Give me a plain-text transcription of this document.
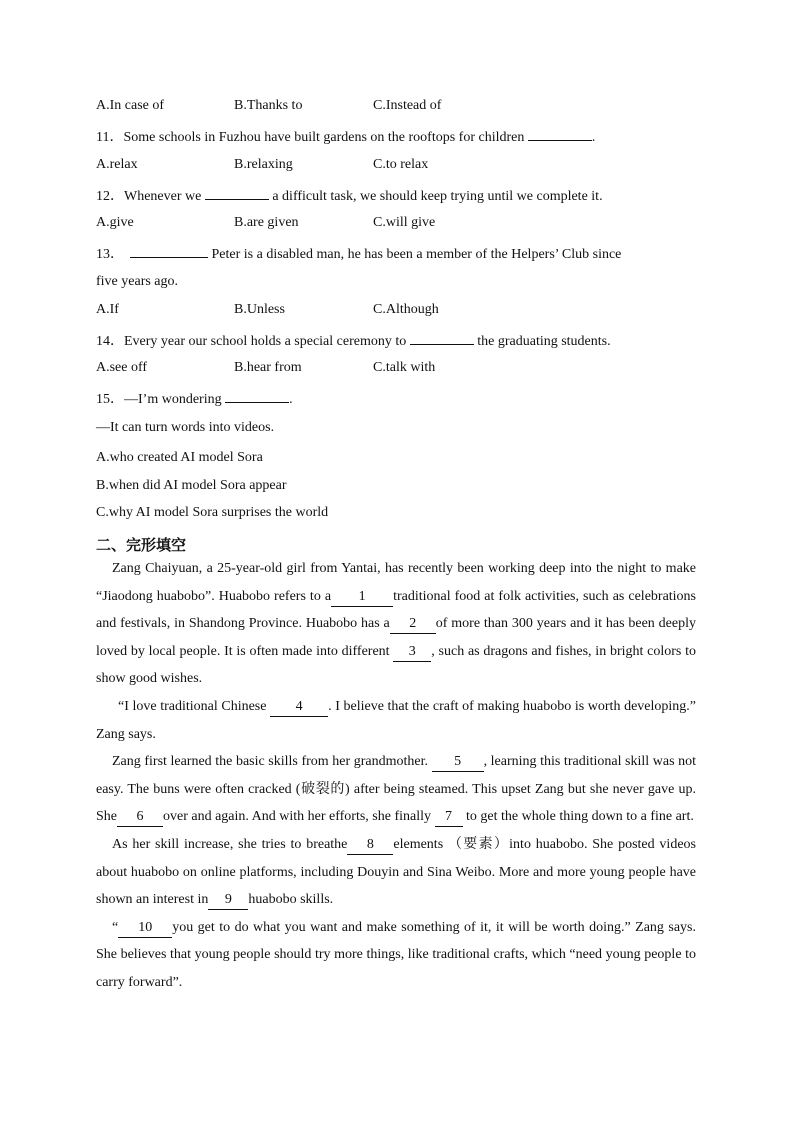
A.In case of	B.Thanks to	C.Instead of
11．Some schools in Fuzhou have built gardens on the rooftops for children	.
A.relax	B.relaxing	C.to relax
12．Whenever we	a difficult task, we should keep trying until we complete it.
A.give	B.are given	C.will give
13．	Peter is a disabled man, he has been a member of the Helpers’ Club since
five years ago.
A.If	B.Unless	C.Although
14．Every year our school holds a special ceremony to	the graduating students.
A.see off	B.hear from	C.talk with
15．—I’m wondering	.
—It can turn words into videos.
A.who created AI model Sora
B.when did AI model Sora appear
C.why AI model Sora surprises the world
二、完形填空

Zang Chaiyuan, a 25-year-old girl from Yantai, has recently been working deep into the night to make “Jiaodong huabobo”. Huabobo refers to a 1 traditional food at folk activities, such as celebrations and festivals, in Shandong Province. Huabobo has a 2 of more than 300 years and it has been deeply loved by local people. It is often made into different 3 , such as dragons and fishes, in bright colors to show good wishes.

“I love traditional Chinese 4 . I believe that the craft of making huabobo is worth developing.” Zang says.

Zang first learned the basic skills from her grandmother. 5 , learning this traditional skill was not easy. The buns were often cracked (破裂的) after being steamed. This upset Zang but she never gave up. She 6 over and again. And with her efforts, she finally 7 to get the whole thing down to a fine art.

As her skill increase, she tries to breathe 8 elements （要素）into huabobo. She posted videos about huabobo on online platforms, including Douyin and Sina Weibo. More and more young people have shown an interest in 9 huabobo skills.

“ 10 you get to do what you want and make something of it, it will be worth doing.” Zang says. She believes that young people should try more things, like traditional crafts, which “need young people to carry forward”.
